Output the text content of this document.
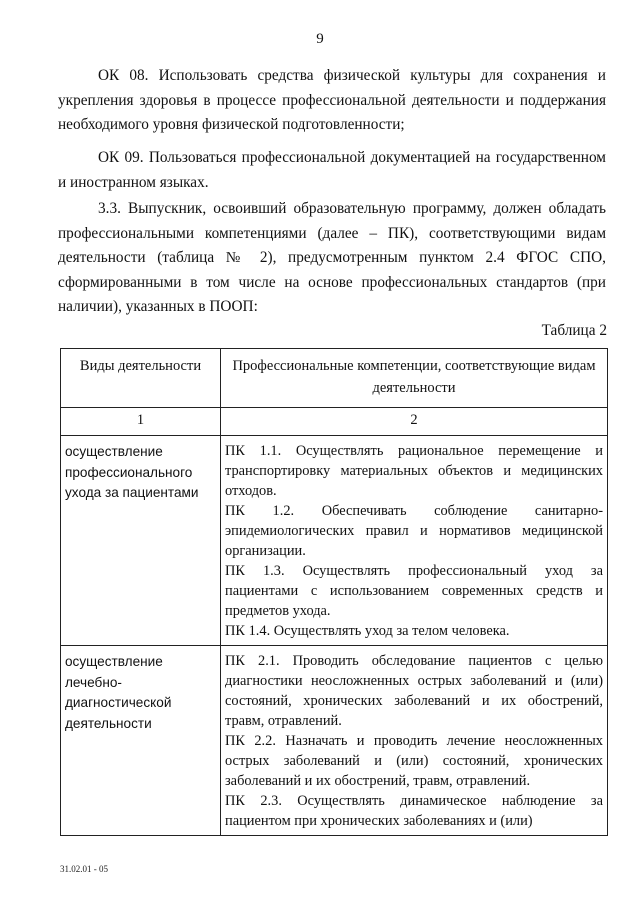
9

ОК 08. Использовать средства физической культуры для сохранения и укрепления здоровья в процессе профессиональной деятельности и поддержания необходимого уровня физической подготовленности;

ОК 09. Пользоваться профессиональной документацией на государственном и иностранном языках.

3.3. Выпускник, освоивший образовательную программу, должен обладать профессиональными компетенциями (далее – ПК), соответствующими видам деятельности (таблица № 2), предусмотренным пунктом 2.4 ФГОС СПО, сформированными в том числе на основе профессиональных стандартов (при наличии), указанных в ПООП:

Таблица 2
Виды деятельности	Профессиональные компетенции, соответствующие видам деятельности
1	2
осуществление профессионального ухода за пациентами	ПК 1.1. Осуществлять рациональное перемещение и транспортировку материальных объектов и медицинских отходов.

ПК 1.2. Обеспечивать соблюдение санитарно-эпидемиологических правил и нормативов медицинской организации.

ПК 1.3. Осуществлять профессиональный уход за пациентами с использованием современных средств и предметов ухода.

ПК 1.4. Осуществлять уход за телом человека.

осуществление лечебно-диагностической деятельности	ПК 2.1. Проводить обследование пациентов с целью диагностики неосложненных острых заболеваний и (или) состояний, хронических заболеваний и их обострений, травм, отравлений.

ПК 2.2. Назначать и проводить лечение неосложненных острых заболеваний и (или) состояний, хронических заболеваний и их обострений, травм, отравлений.

ПК 2.3. Осуществлять динамическое наблюдение за пациентом при хронических заболеваниях и (или)

31.02.01 - 05
